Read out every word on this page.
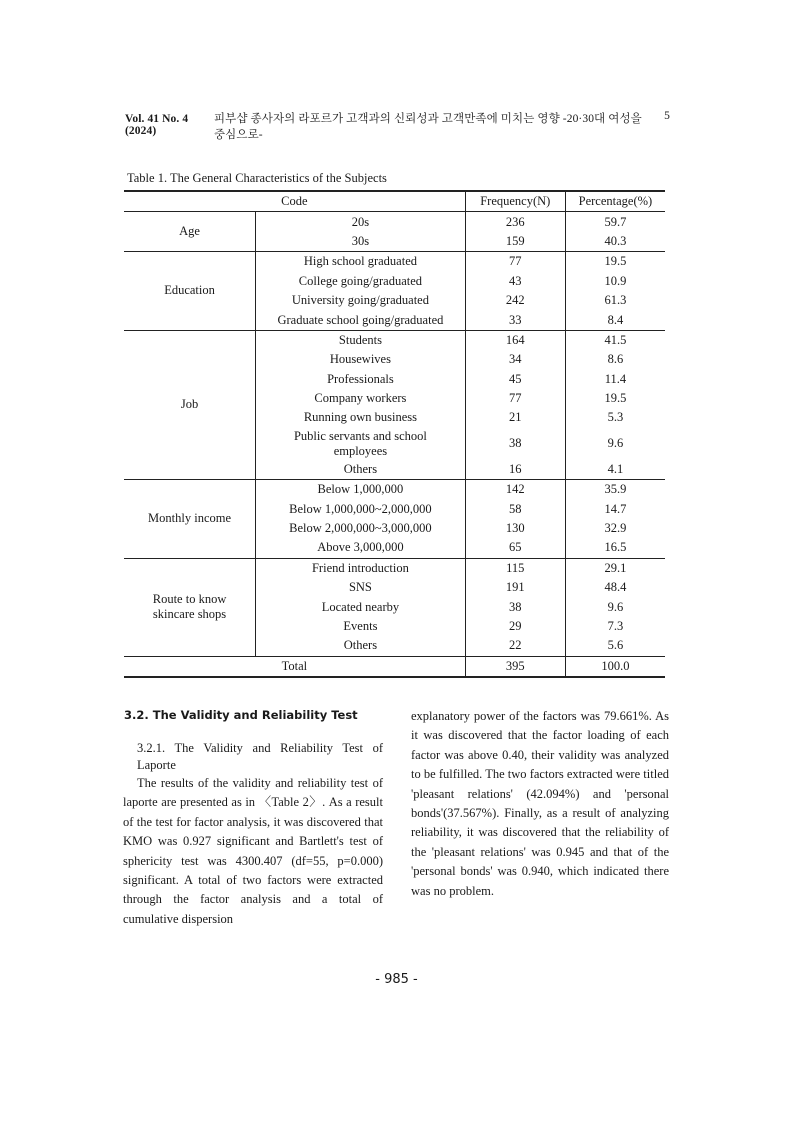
Vol. 41 No. 4 (2024)
피부샵 종사자의 라포르가 고객과의 신뢰성과 고객만족에 미치는 영향 -20·30대 여성을 중심으로-
5
Table 1. The General Characteristics of the Subjects
Code		Frequency(N)	Percentage(%)
Age	20s	236	59.7
	30s	159	40.3
Education	High school graduated	77	19.5
	College going/graduated	43	10.9
	University going/graduated	242	61.3
	Graduate school going/graduated	33	8.4
Job	Students	164	41.5
	Housewives	34	8.6
	Professionals	45	11.4
	Company workers	77	19.5
	Running own business	21	5.3
	Public servants and school employees	38	9.6
	Others	16	4.1
Monthly income	Below 1,000,000	142	35.9
	Below 1,000,000~2,000,000	58	14.7
	Below 2,000,000~3,000,000	130	32.9
	Above 3,000,000	65	16.5
Route to know skincare shops	Friend introduction	115	29.1
	SNS	191	48.4
	Located nearby	38	9.6
	Events	29	7.3
	Others	22	5.6
Total		395	100.0
3.2. The Validity and Reliability Test
3.2.1. The Validity and Reliability Test of Laporte

The results of the validity and reliability test of laporte are presented as in 〈Table 2〉. As a result of the test for factor analysis, it was discovered that KMO was 0.927 significant and Bartlett's test of sphericity test was 4300.407 (df=55, p=0.000) significant. A total of two factors were extracted through the factor analysis and a total of cumulative dispersion

explanatory power of the factors was 79.661%. As it was discovered that the factor loading of each factor was above 0.40, their validity was analyzed to be fulfilled. The two factors extracted were titled 'pleasant relations' (42.094%) and 'personal bonds'(37.567%). Finally, as a result of analyzing reliability, it was discovered that the reliability of the 'pleasant relations' was 0.945 and that of the 'personal bonds' was 0.940, which indicated there was no problem.

- 985 -
